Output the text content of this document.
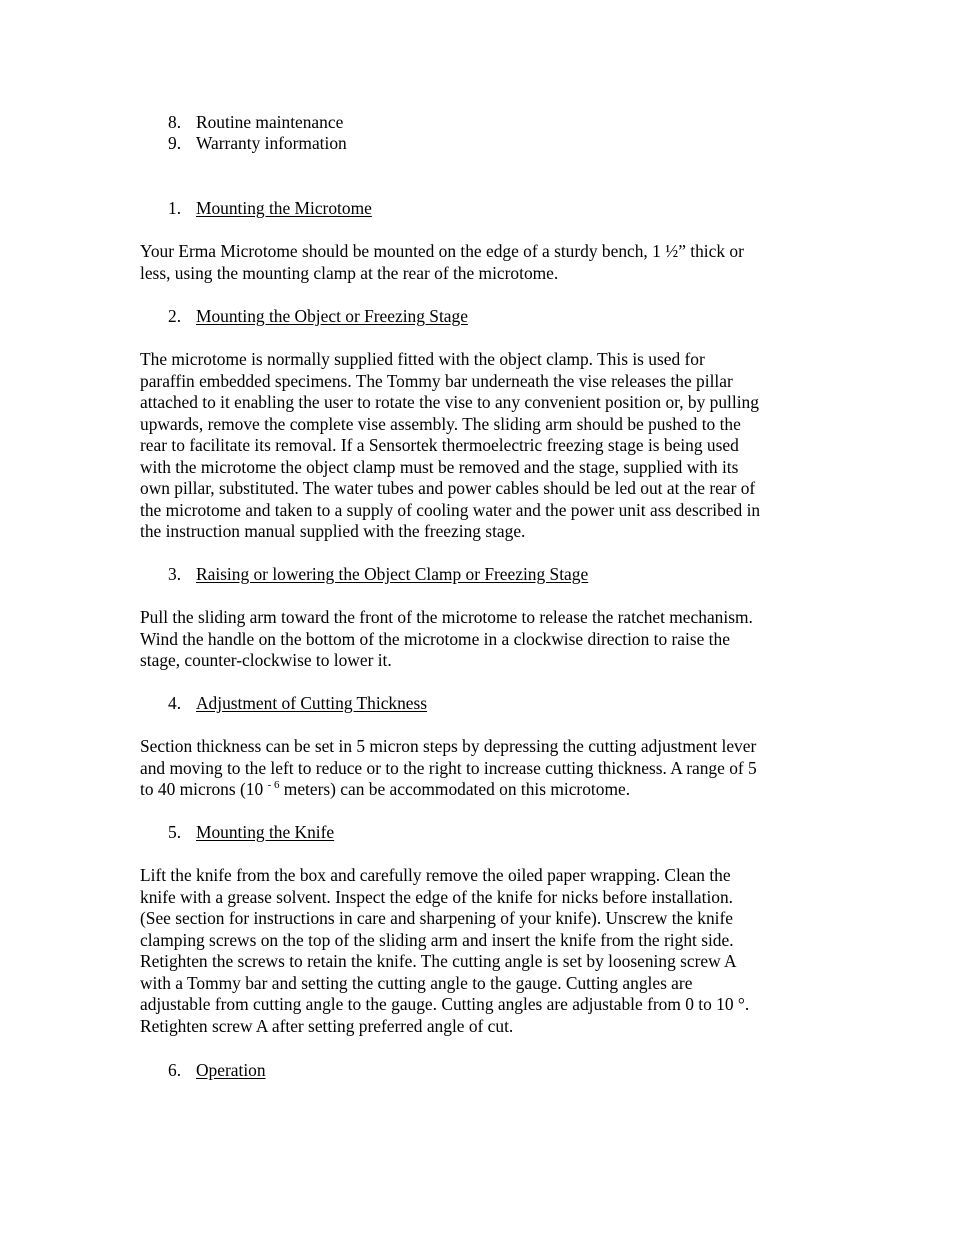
8. Routine maintenance
9. Warranty information
1. Mounting the Microtome
Your Erma Microtome should be mounted on the edge of a sturdy bench, 1 ½” thick or
less, using the mounting clamp at the rear of the microtome.
2. Mounting the Object or Freezing Stage
The microtome is normally supplied fitted with the object clamp. This is used for
paraffin embedded specimens. The Tommy bar underneath the vise releases the pillar
attached to it enabling the user to rotate the vise to any convenient position or, by pulling
upwards, remove the complete vise assembly. The sliding arm should be pushed to the
rear to facilitate its removal. If a Sensortek thermoelectric freezing stage is being used
with the microtome the object clamp must be removed and the stage, supplied with its
own pillar, substituted. The water tubes and power cables should be led out at the rear of
the microtome and taken to a supply of cooling water and the power unit ass described in
the instruction manual supplied with the freezing stage.
3. Raising or lowering the Object Clamp or Freezing Stage
Pull the sliding arm toward the front of the microtome to release the ratchet mechanism.
Wind the handle on the bottom of the microtome in a clockwise direction to raise the
stage, counter-clockwise to lower it.
4. Adjustment of Cutting Thickness
Section thickness can be set in 5 micron steps by depressing the cutting adjustment lever
and moving to the left to reduce or to the right to increase cutting thickness. A range of 5
to 40 microns (10 $^{- 6}$ meters) can be accommodated on this microtome.
5. Mounting the Knife
Lift the knife from the box and carefully remove the oiled paper wrapping. Clean the
knife with a grease solvent. Inspect the edge of the knife for nicks before installation.
(See section for instructions in care and sharpening of your knife). Unscrew the knife
clamping screws on the top of the sliding arm and insert the knife from the right side.
Retighten the screws to retain the knife. The cutting angle is set by loosening screw A
with a Tommy bar and setting the cutting angle to the gauge. Cutting angles are
adjustable from cutting angle to the gauge. Cutting angles are adjustable from 0 to 10 °.
Retighten screw A after setting preferred angle of cut.
6. Operation
